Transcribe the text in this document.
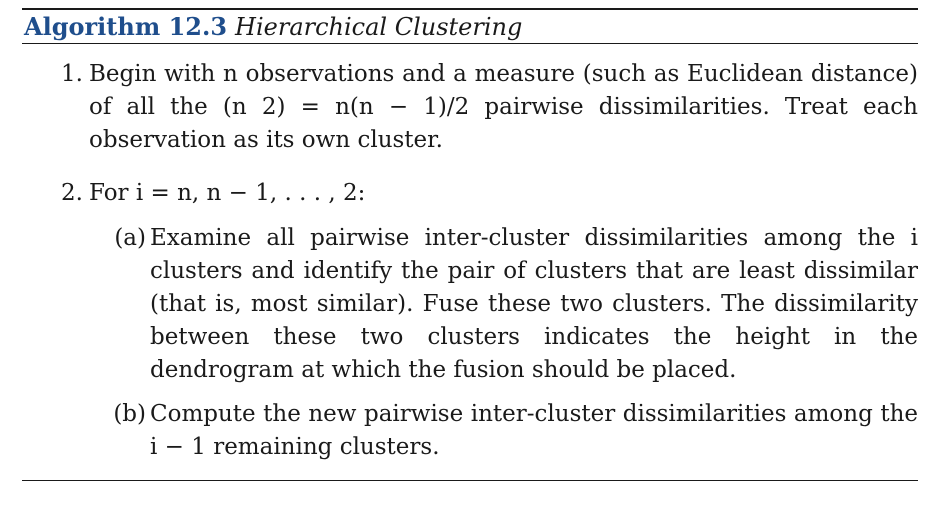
Algorithm 12.3 Hierarchical Clustering
1. Begin with n observations and a measure (such as Euclidean distance) of all the (n 2) = n(n − 1)/2 pairwise dissimilarities. Treat each observation as its own cluster.
2. For i = n, n − 1, . . . , 2:
(a) Examine all pairwise inter-cluster dissimilarities among the i clusters and identify the pair of clusters that are least dissimilar (that is, most similar). Fuse these two clusters. The dissimilarity between these two clusters indicates the height in the dendrogram at which the fusion should be placed.
(b) Compute the new pairwise inter-cluster dissimilarities among the i − 1 remaining clusters.
